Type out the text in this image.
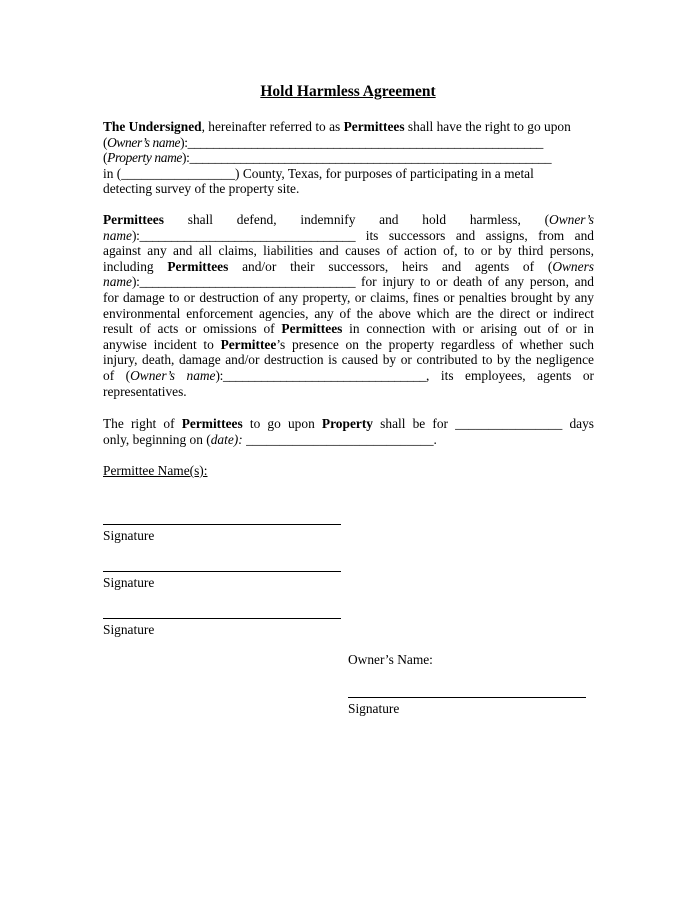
Hold Harmless Agreement
The Undersigned, hereinafter referred to as Permittees shall have the right to go upon
(Owner’s name):________________________________________________________
(Property name):_________________________________________________________
in (_________________) County, Texas, for purposes of participating in a metal
detecting survey of the property site.
Permittees shall defend, indemnify and hold harmless, (Owner’s
name):__________________________________ its successors and assigns, from and
against any and all claims, liabilities and causes of action of, to or by third persons,
including Permittees and/or their successors, heirs and agents of (Owners
name):__________________________________ for injury to or death of any person, and
for damage to or destruction of any property, or claims, fines or penalties brought by any
environmental enforcement agencies, any of the above which are the direct or indirect
result of acts or omissions of Permittees in connection with or arising out of or in
anywise incident to Permittee’s presence on the property regardless of whether such
injury, death, damage and/or destruction is caused by or contributed to by the negligence
of (Owner’s name):________________________________, its employees, agents or
representatives.
The right of Permittees to go upon Property shall be for ________________ days
only, beginning on (date): ____________________________.
Permittee Name(s):
Signature
Signature
Signature
Owner’s Name:
Signature
